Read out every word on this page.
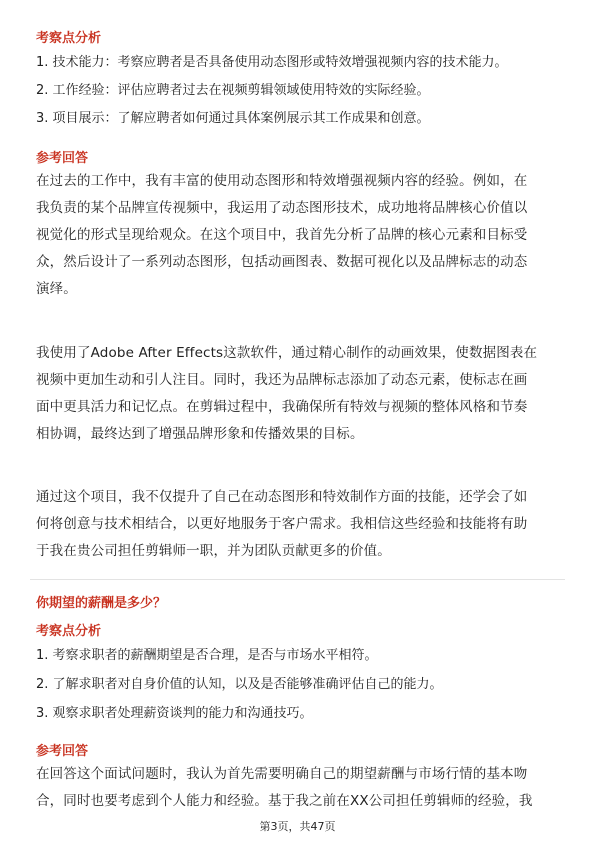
考察点分析
1. 技术能力：考察应聘者是否具备使用动态图形或特效增强视频内容的技术能力。
2. 工作经验：评估应聘者过去在视频剪辑领域使用特效的实际经验。
3. 项目展示：了解应聘者如何通过具体案例展示其工作成果和创意。
参考回答
在过去的工作中，我有丰富的使用动态图形和特效增强视频内容的经验。例如，在
我负责的某个品牌宣传视频中，我运用了动态图形技术，成功地将品牌核心价值以
视觉化的形式呈现给观众。在这个项目中，我首先分析了品牌的核心元素和目标受
众，然后设计了一系列动态图形，包括动画图表、数据可视化以及品牌标志的动态
演绎。
我使用了Adobe After Effects这款软件，通过精心制作的动画效果，使数据图表在
视频中更加生动和引人注目。同时，我还为品牌标志添加了动态元素，使标志在画
面中更具活力和记忆点。在剪辑过程中，我确保所有特效与视频的整体风格和节奏
相协调，最终达到了增强品牌形象和传播效果的目标。
通过这个项目，我不仅提升了自己在动态图形和特效制作方面的技能，还学会了如
何将创意与技术相结合，以更好地服务于客户需求。我相信这些经验和技能将有助
于我在贵公司担任剪辑师一职，并为团队贡献更多的价值。
你期望的薪酬是多少？
考察点分析
1. 考察求职者的薪酬期望是否合理，是否与市场水平相符。
2. 了解求职者对自身价值的认知，以及是否能够准确评估自己的能力。
3. 观察求职者处理薪资谈判的能力和沟通技巧。
参考回答
在回答这个面试问题时，我认为首先需要明确自己的期望薪酬与市场行情的基本吻
合，同时也要考虑到个人能力和经验。基于我之前在XX公司担任剪辑师的经验，我
第3页，共47页
